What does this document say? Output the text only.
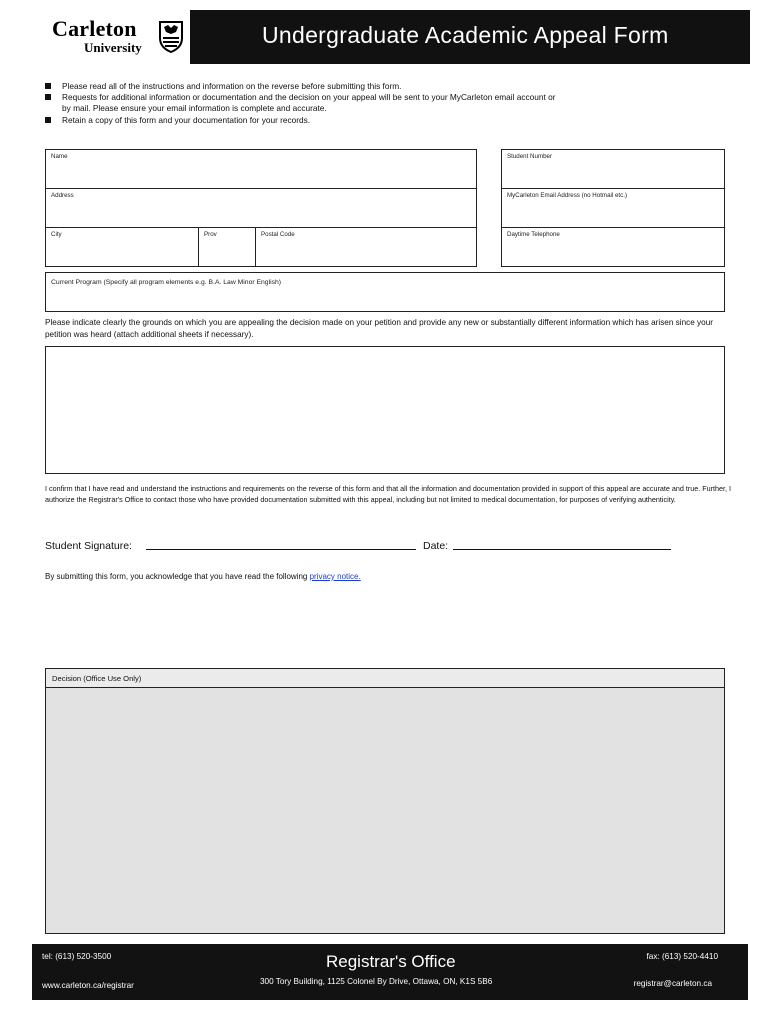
Carleton
University	Undergraduate Academic Appeal Form
Please read all of the instructions and information on the reverse before submitting this form.
Requests for additional information or documentation and the decision on your appeal will be sent to your MyCarleton email account or
by mail. Please ensure your email information is complete and accurate.
Retain a copy of this form and your documentation for your records.
Name
Address
City	Prov	Postal Code
Student Number
MyCarleton Email Address (no Hotmail etc.)
Daytime Telephone
Current Program (Specify all program elements e.g. B.A. Law Minor English)
Please indicate clearly the grounds on which you are appealing the decision made on your petition and provide any new or substantially different information which has arisen since your petition was heard (attach additional sheets if necessary).
I confirm that I have read and understand the instructions and requirements on the reverse of this form and that all the information and documentation provided in support of this appeal are accurate and true. Further, I authorize the Registrar's Office to contact those who have provided documentation submitted with this appeal, including but not limited to medical documentation, for purposes of verifying authenticity.
Student Signature:	Date:
By submitting this form, you acknowledge that you have read the following privacy notice.
Decision (Office Use Only)
tel: (613) 520-3500	Registrar's Office	fax: (613) 520-4410
www.carleton.ca/registrar	300 Tory Building, 1125 Colonel By Drive, Ottawa, ON, K1S 5B6	registrar@carleton.ca
